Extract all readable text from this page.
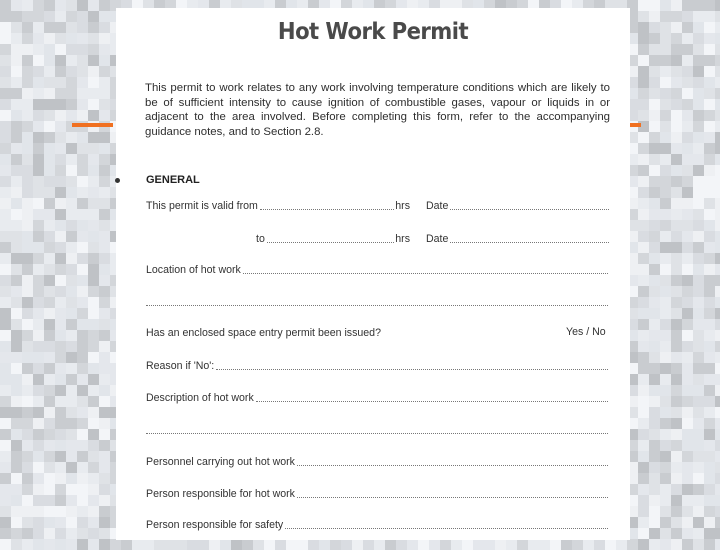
Hot Work Permit
This permit to work relates to any work involving temperature conditions which are likely to be of sufficient intensity to cause ignition of combustible gases, vapour or liquids in or adjacent to the area involved. Before completing this form, refer to the accompanying guidance notes, and to Section 2.8.
GENERAL
This permit is valid from	hrs Date
to	hrs Date
Location of hot work
Has an enclosed space entry permit been issued?	Yes / No
Reason if 'No':
Description of hot work
Personnel carrying out hot work
Person responsible for hot work
Person responsible for safety
